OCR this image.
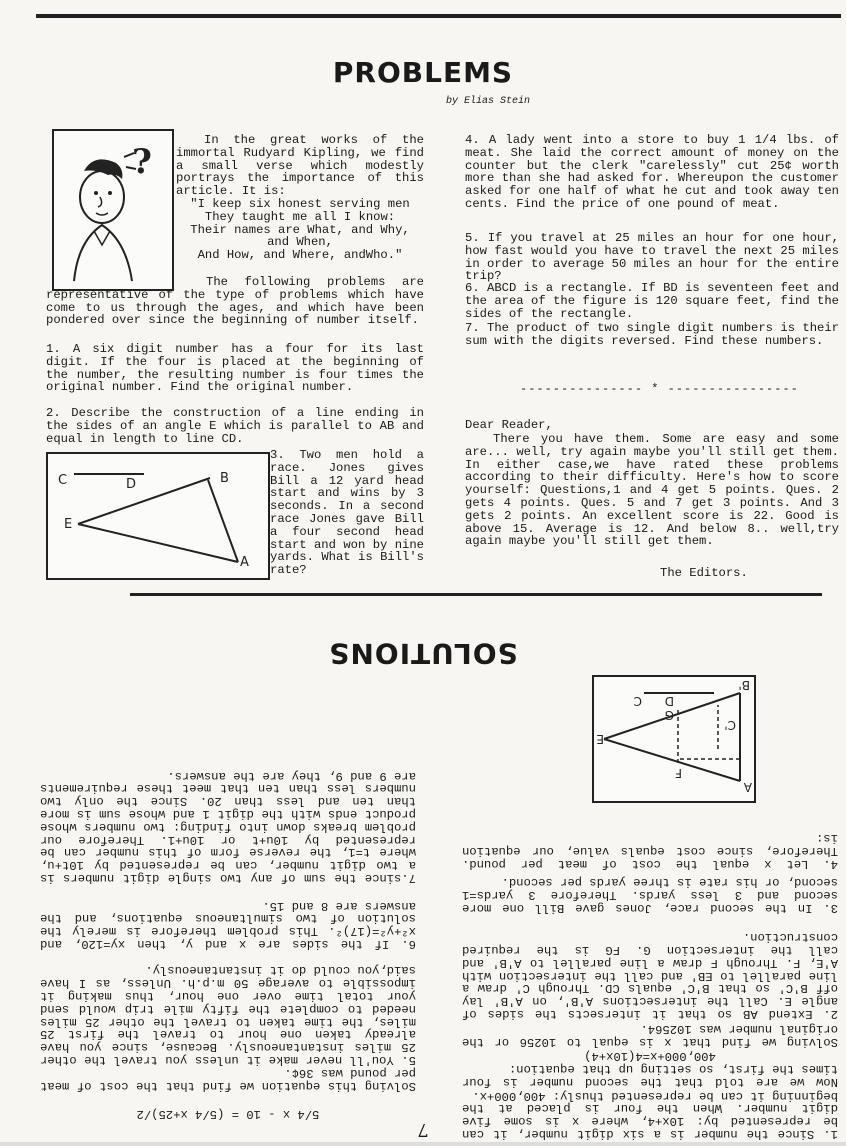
PROBLEMS
by Elias Stein
?
In the great works of the immortal Rudyard Kipling, we find a small verse which modestly portrays the importance of this article. It is:

"I keep six honest serving men

They taught me all I know:

Their names are What, and Why, and When,

And How, and Where, andWho."

The following problems are representative of the type of problems which have come to us through the ages, and which have been pondered over since the beginning of number itself.
1. A six digit number has a four for its last digit. If the four is placed at the beginning of the number, the resulting number is four times the original number. Find the original number.
2. Describe the construction of a line ending in the sides of an angle E which is parallel to AB and equal in length to line CD.
C	D	B
E
A
3. Two men hold a race. Jones gives Bill a 12 yard head start and wins by 3 seconds. In a second race Jones gave Bill a four second head start and won by nine yards. What is Bill's rate?
4. A lady went into a store to buy 1 1/4 lbs. of meat. She laid the correct amount of money on the counter but the clerk "carelessly" cut 25¢ worth more than she had asked for. Whereupon the customer asked for one half of what he cut and took away ten cents. Find the price of one pound of meat.
5. If you travel at 25 miles an hour for one hour, how fast would you have to travel the next 25 miles in order to average 50 miles an hour for the entire trip?
6. ABCD is a rectangle. If BD is seventeen feet and the area of the figure is 120 square feet, find the sides of the rectangle.
7. The product of two single digit numbers is their sum with the digits reversed. Find these numbers.
--------------- * ----------------
Dear Reader,
There you have them. Some are easy and some are... well, try again maybe you'll still get them. In either case,we have rated these problems according to their difficulty. Here's how to score yourself: Questions,1 and 4 get 5 points. Ques. 2 gets 4 points. Ques. 5 and 7 get 3 points. And 3 gets 2 points. An excellent score is 22. Good is above 15. Average is 12. And below 8.. well,try again maybe you'll still get them.
The Editors.
7
SOLUTIONS
1. Since the number is a six digit number, it can be represented by: 10x+4, where x is some five digit number. When the four is placed at the beginning it can be represented thusly: 400,000+x.
Now we are told that the second number is four times the first, so setting up that equation:
400,000+x=4(10x+4)
Solving we find that x is equal to 10256 or the original number was 102564.
2. Extend AB so that it intersects the sides of angle E. Call the intersections A'B', on A'B' lay off B'C' so that B'C' equals CD. Through C' draw a line parallel to EB' and call the intersection with A'E, F. Through F draw a line parallel to A'B' and call the intersection G. FG is the required construction.
3. In the second race, Jones gave Bill one more second and 3 less yards. Therefore 3 yards=1 second, or his rate is three yards per second.
4. Let x equal the cost of meat per pound. Therefore, since cost equals value, our equation is:
5/4 x - 10 = (5/4 x+25)/2
Solving this equation we find that the cost of meat per pound was 36¢.
5. You'll never make it unless you travel the other 25 miles instantaneously. Because, since you have already taken one hour to travel the first 25 miles, the time taken to travel the other 25 miles needed to complete the fifty mile trip would send your total time over one hour, thus making it impossible to average 50 m.p.h. Unless, as I have said,you could do it instantaneously.
6. If the sides are x and y, then xy=120, and x²+y²=(17)². This problem therefore is merely the solution of two simultaneous equations, and the answers are 8 and 15.
7.since the sum of any two single digit numbers is a two digit number, can be represented by 10t+u, where t=1, the reverse form of this number can be represented by 10u+t or 10u+1. Therefore our problem breaks down into finding: two numbers whose product ends with the digit 1 and whose sum is more than ten and less than 20. Since the only two numbers less than ten that meet these requirements are 9 and 9, they are the answers.
A
F
E
C'
G
B'
D
C
